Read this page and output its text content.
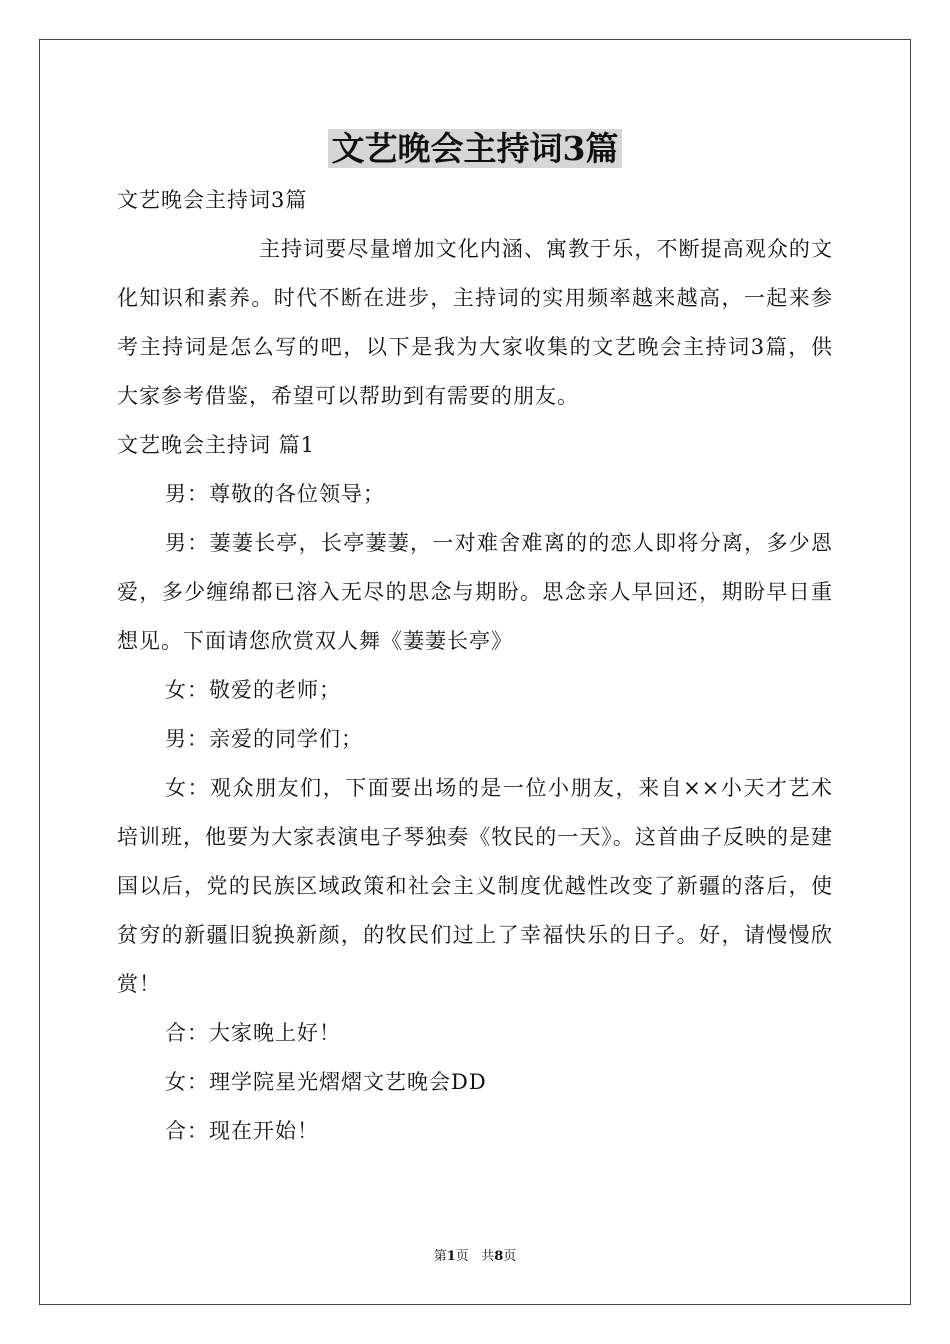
文艺晚会主持词3篇

文艺晚会主持词3篇

主持词要尽量增加文化内涵、寓教于乐，不断提高观众的文化知识和素养。时代不断在进步，主持词的实用频率越来越高，一起来参考主持词是怎么写的吧，以下是我为大家收集的文艺晚会主持词3篇，供大家参考借鉴，希望可以帮助到有需要的朋友。

文艺晚会主持词 篇1

男：尊敬的各位领导；

男：萋萋长亭，长亭萋萋，一对难舍难离的的恋人即将分离，多少恩爱，多少缠绵都已溶入无尽的思念与期盼。思念亲人早回还，期盼早日重想见。下面请您欣赏双人舞《萋萋长亭》

女：敬爱的老师；

男：亲爱的同学们；

女：观众朋友们，下面要出场的是一位小朋友，来自××小天才艺术培训班，他要为大家表演电子琴独奏《牧民的一天》。这首曲子反映的是建国以后，党的民族区域政策和社会主义制度优越性改变了新疆的落后，使贫穷的新疆旧貌换新颜，的牧民们过上了幸福快乐的日子。好，请慢慢欣赏！

合：大家晚上好！

女：理学院星光熠熠文艺晚会DD

合：现在开始！

第1页 共8页
